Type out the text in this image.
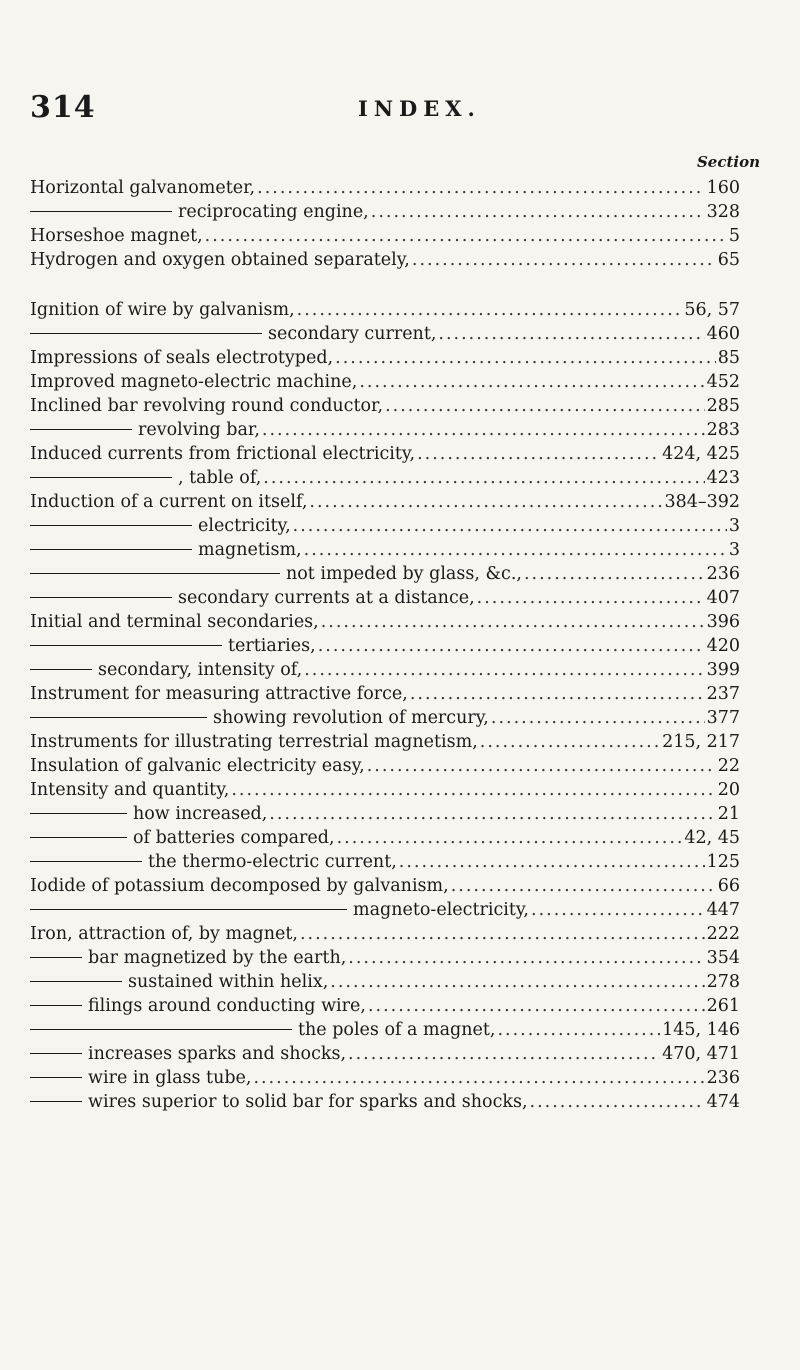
314	INDEX.
Section
Horizontal galvanometer, .....	160
reciprocating engine, .....	328
Horseshoe magnet, .....	5
Hydrogen and oxygen obtained separately, .....	65
Ignition of wire by galvanism, .....	56, 57
secondary current, .....	460
Impressions of seals electrotyped, .....	85
Improved magneto-electric machine, .....	452
Inclined bar revolving round conductor, .....	285
revolving bar, .....	283
Induced currents from frictional electricity, .....	424, 425
, table of, .....	423
Induction of a current on itself, .....	384–392
electricity, .....	3
magnetism, .....	3
not impeded by glass, &c., .....	236
secondary currents at a distance, .....	407
Initial and terminal secondaries, .....	396
tertiaries, .....	420
secondary, intensity of, .....	399
Instrument for measuring attractive force, .....	237
showing revolution of mercury, .....	377
Instruments for illustrating terrestrial magnetism, .....	215, 217
Insulation of galvanic electricity easy, .....	22
Intensity and quantity, .....	20
how increased, .....	21
of batteries compared, .....	42, 45
the thermo-electric current, .....	125
Iodide of potassium decomposed by galvanism, .....	66
magneto-electricity, .....	447
Iron, attraction of, by magnet, .....	222
bar magnetized by the earth, .....	354
sustained within helix, .....	278
filings around conducting wire, .....	261
the poles of a magnet, .....	145, 146
increases sparks and shocks, .....	470, 471
wire in glass tube, .....	236
wires superior to solid bar for sparks and shocks, .....	474
